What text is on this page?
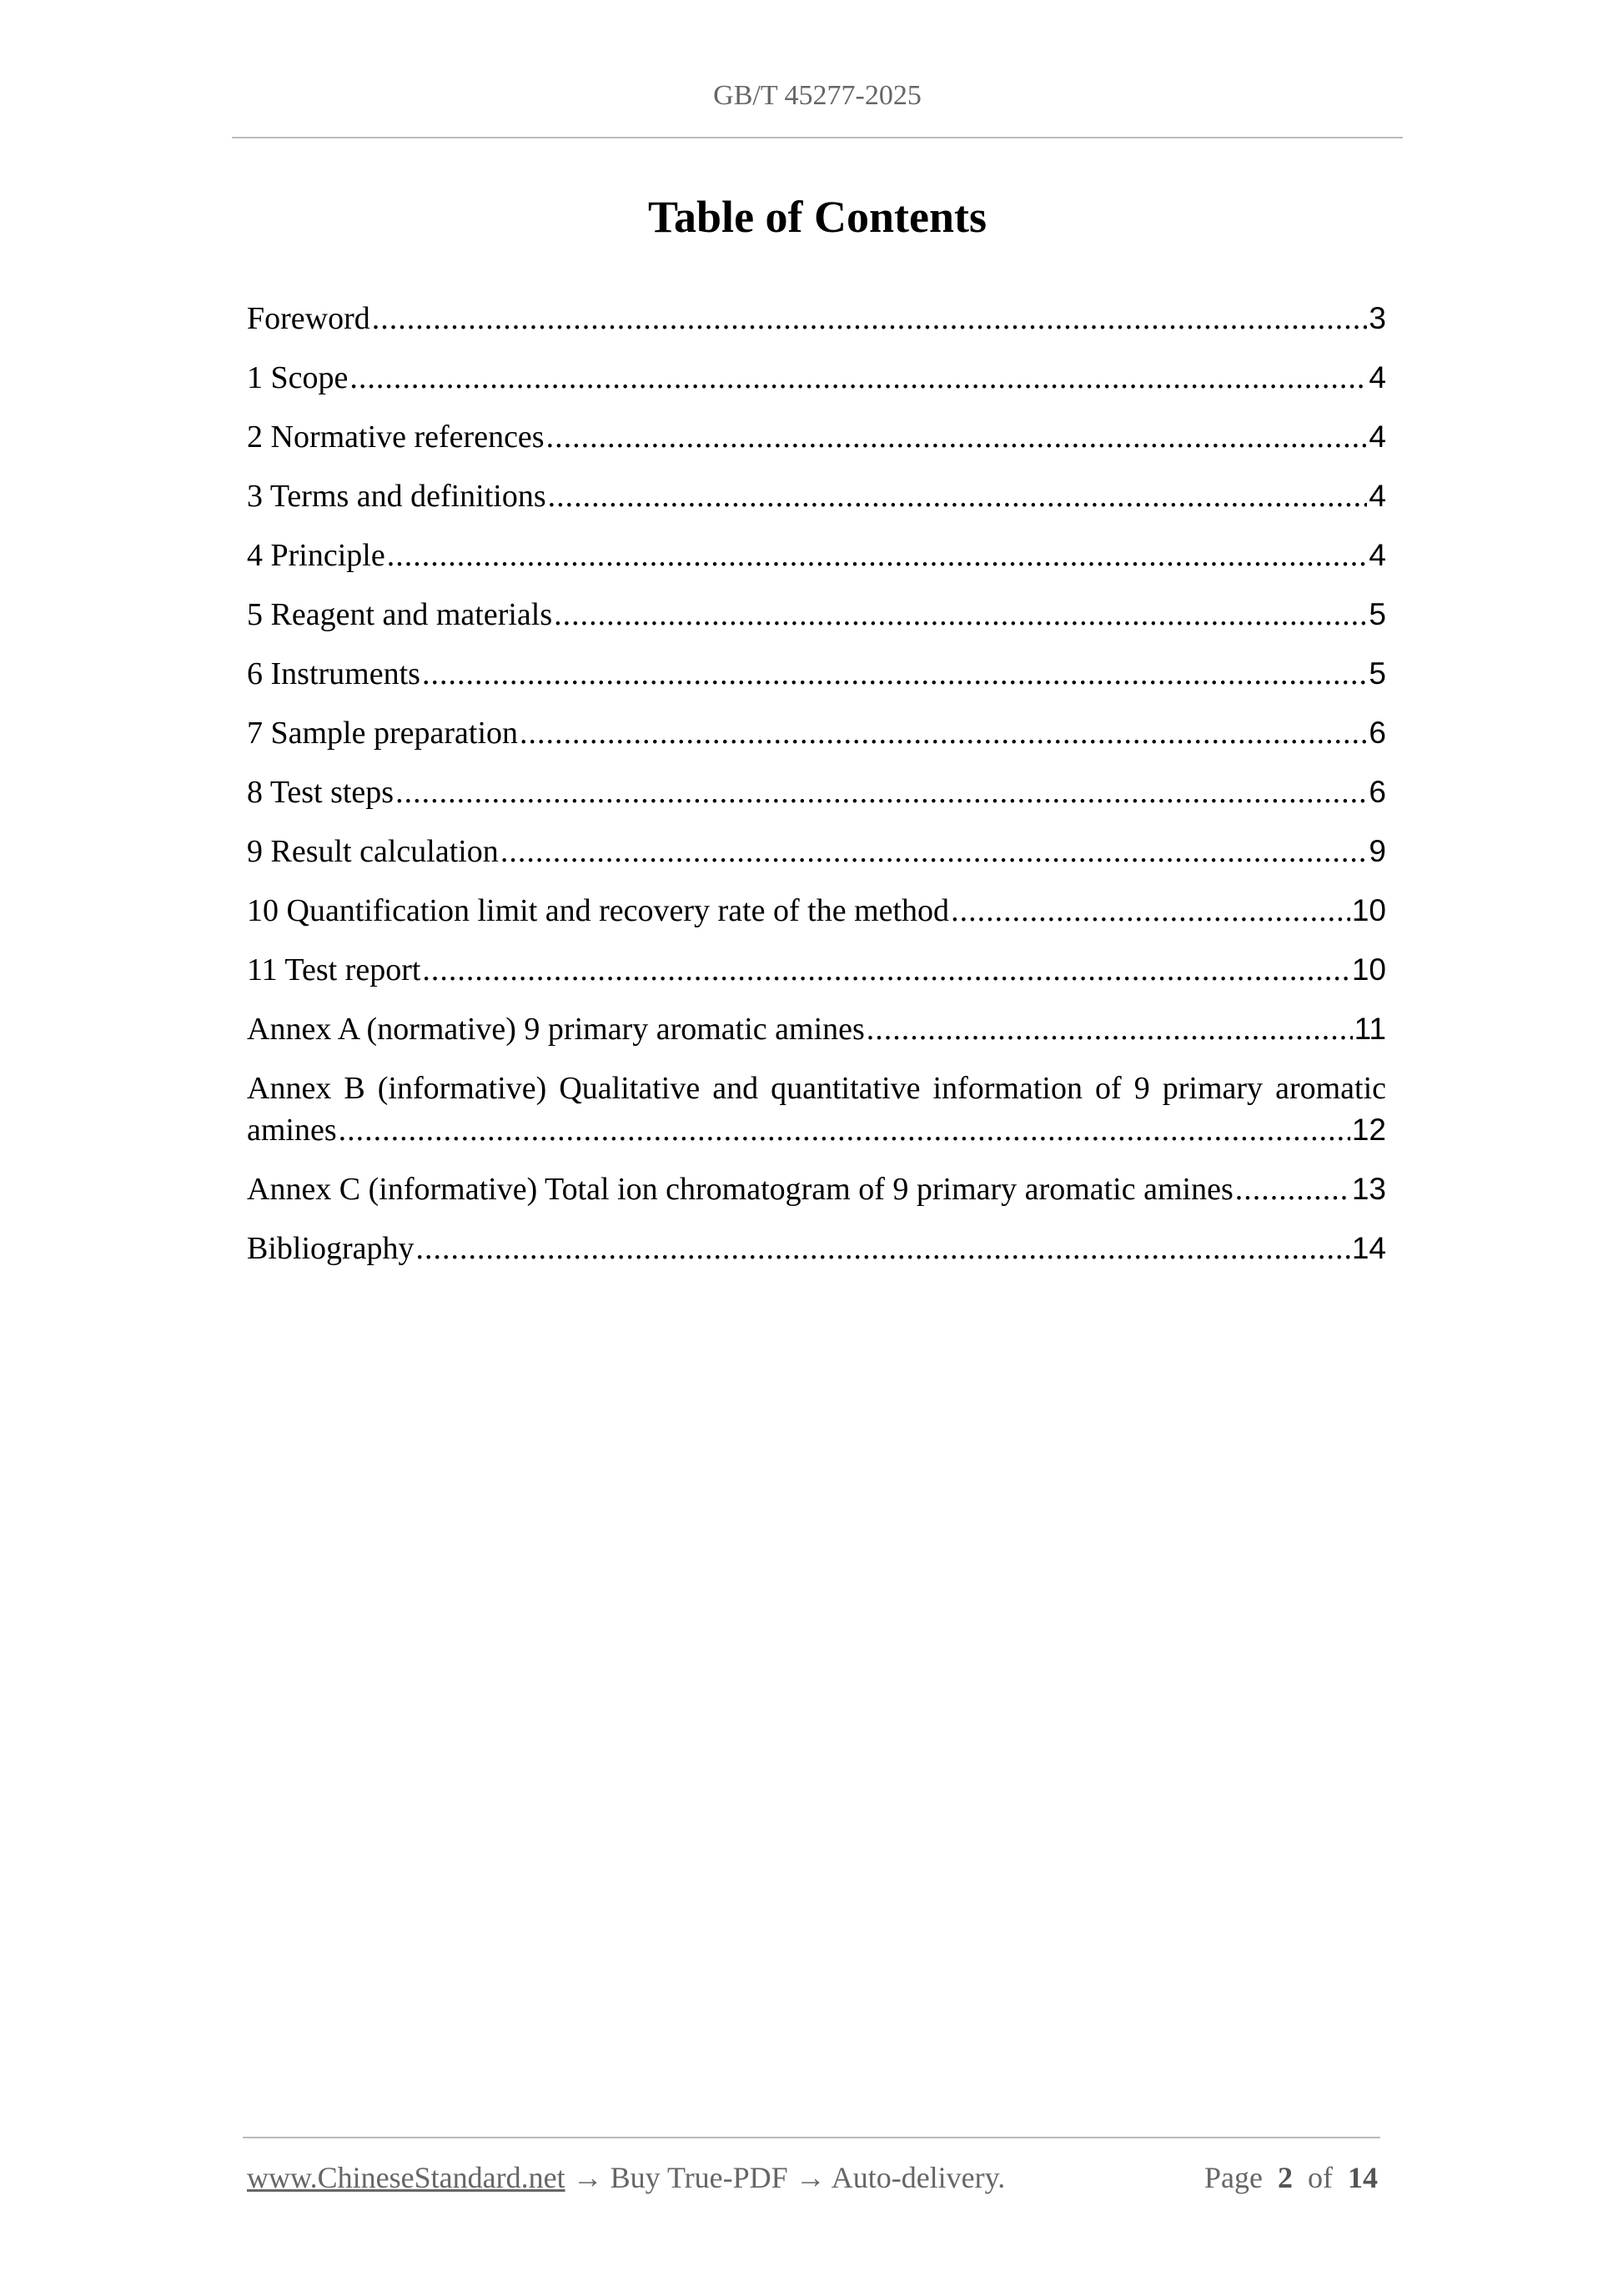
GB/T 45277-2025
Table of Contents
Foreword .....	3
1 Scope .....	4
2 Normative references .....	4
3 Terms and definitions .....	4
4 Principle .....	4
5 Reagent and materials .....	5
6 Instruments .....	5
7 Sample preparation .....	6
8 Test steps .....	6
9 Result calculation .....	9
10 Quantification limit and recovery rate of the method .....	10
11 Test report .....	10
Annex A (normative) 9 primary aromatic amines .....	11
Annex B (informative) Qualitative and quantitative information of 9 primary aromatic
amines .....	12
Annex C (informative) Total ion chromatogram of 9 primary aromatic amines .....	13
Bibliography .....	14
www.ChineseStandard.net → Buy True-PDF → Auto-delivery.	Page 2 of 14
